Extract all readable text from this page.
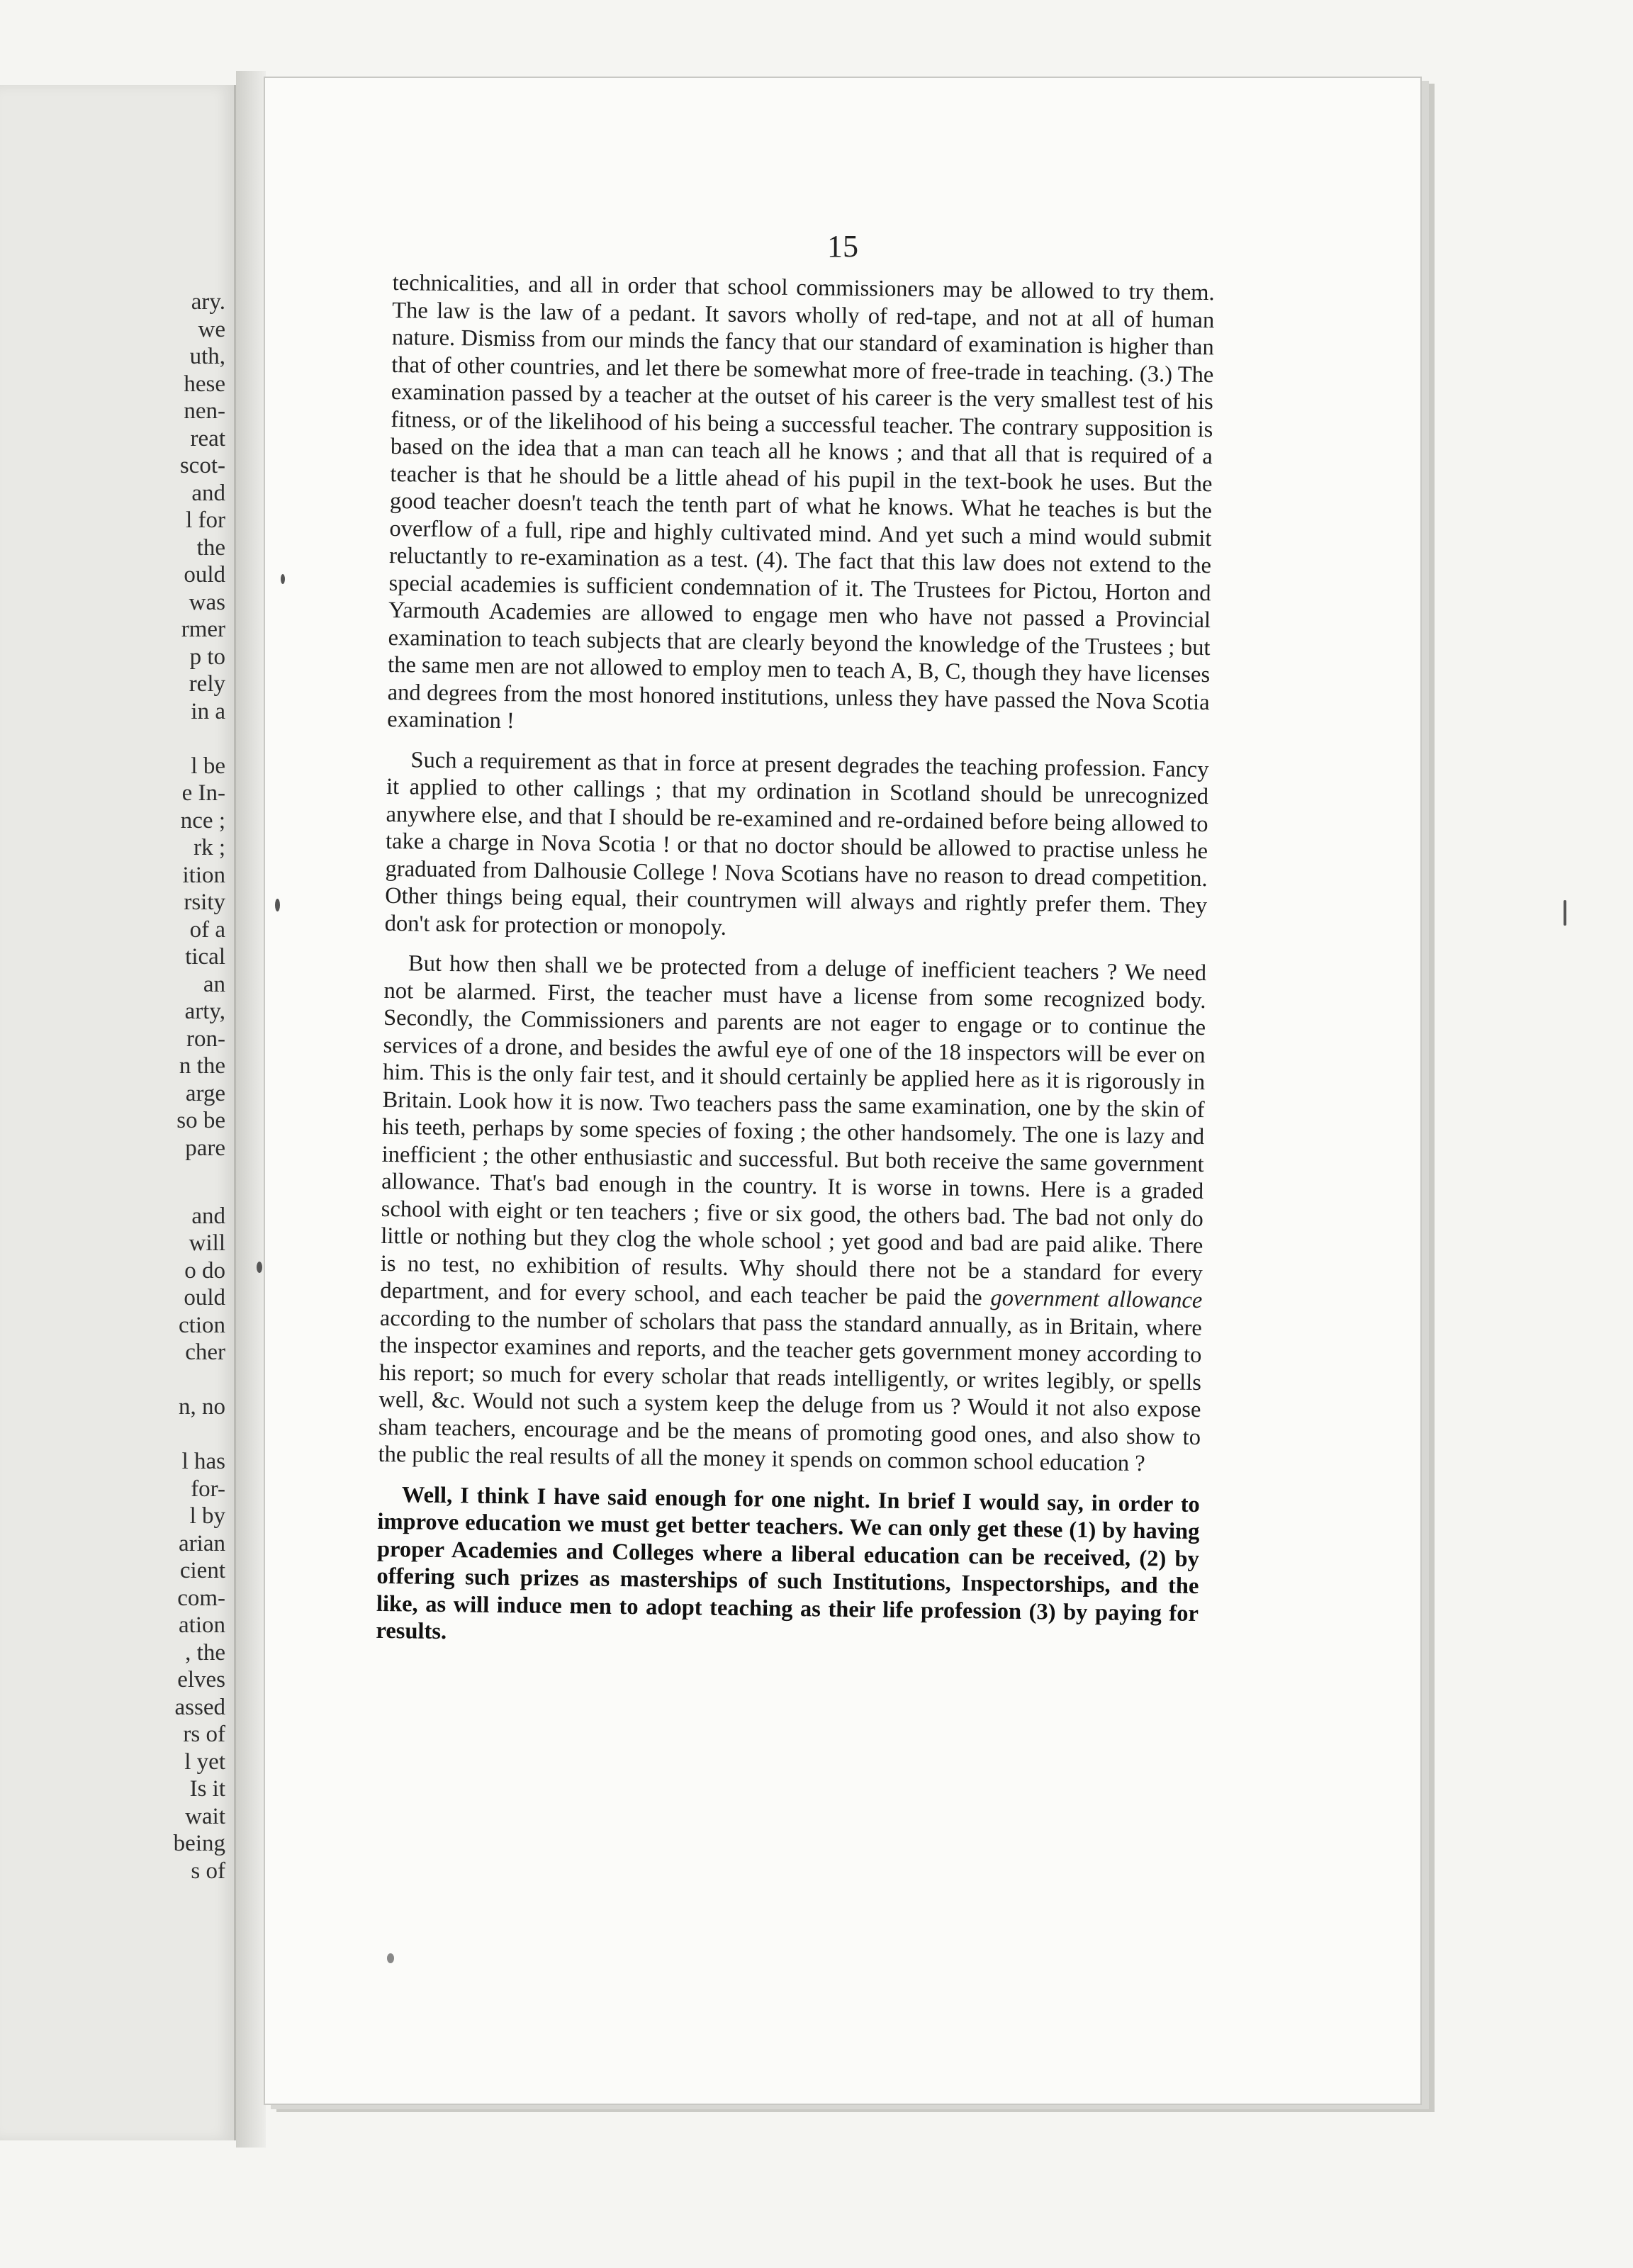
ary.
we
uth,
hese
nen-
reat
scot-
and
l for
the
ould
was
rmer
p to
rely
in a
l be
e In-
nce ;
rk ;
ition
rsity
of a
tical
an
arty,
ron-
n the
arge
so be
pare
and
will
o do
ould
ction
cher
n, no
l has
for-
l by
arian
cient
com-
ation
, the
elves
assed
rs of
l yet
Is it
wait
being
s of
15

technicalities, and all in order that school commissioners may be allowed to try them. The law is the law of a pedant. It savors wholly of red-tape, and not at all of human nature. Dismiss from our minds the fancy that our standard of examination is higher than that of other countries, and let there be somewhat more of free-trade in teaching. (3.) The examination passed by a teacher at the outset of his career is the very smallest test of his fitness, or of the likelihood of his being a successful teacher. The contrary supposition is based on the idea that a man can teach all he knows ; and that all that is required of a teacher is that he should be a little ahead of his pupil in the text-book he uses. But the good teacher doesn't teach the tenth part of what he knows. What he teaches is but the overflow of a full, ripe and highly cultivated mind. And yet such a mind would submit reluctantly to re-examination as a test. (4). The fact that this law does not extend to the special academies is sufficient condemnation of it. The Trustees for Pictou, Horton and Yarmouth Academies are allowed to engage men who have not passed a Provincial examination to teach subjects that are clearly beyond the knowledge of the Trustees ; but the same men are not allowed to employ men to teach A, B, C, though they have licenses and degrees from the most honored institutions, unless they have passed the Nova Scotia examination !

Such a requirement as that in force at present degrades the teaching profession. Fancy it applied to other callings ; that my ordination in Scotland should be unrecognized anywhere else, and that I should be re-examined and re-ordained before being allowed to take a charge in Nova Scotia ! or that no doctor should be allowed to practise unless he graduated from Dalhousie College ! Nova Scotians have no reason to dread competition. Other things being equal, their countrymen will always and rightly prefer them. They don't ask for protection or monopoly.

But how then shall we be protected from a deluge of inefficient teachers ? We need not be alarmed. First, the teacher must have a license from some recognized body. Secondly, the Commissioners and parents are not eager to engage or to continue the services of a drone, and besides the awful eye of one of the 18 inspectors will be ever on him. This is the only fair test, and it should certainly be applied here as it is rigorously in Britain. Look how it is now. Two teachers pass the same examination, one by the skin of his teeth, perhaps by some species of foxing ; the other handsomely. The one is lazy and inefficient ; the other enthusiastic and successful. But both receive the same government allowance. That's bad enough in the country. It is worse in towns. Here is a graded school with eight or ten teachers ; five or six good, the others bad. The bad not only do little or nothing but they clog the whole school ; yet good and bad are paid alike. There is no test, no exhibition of results. Why should there not be a standard for every department, and for every school, and each teacher be paid the government allowance according to the number of scholars that pass the standard annually, as in Britain, where the inspector examines and reports, and the teacher gets government money according to his report; so much for every scholar that reads intelligently, or writes legibly, or spells well, &c. Would not such a system keep the deluge from us ? Would it not also expose sham teachers, encourage and be the means of promoting good ones, and also show to the public the real results of all the money it spends on common school education ?

Well, I think I have said enough for one night. In brief I would say, in order to improve education we must get better teachers. We can only get these (1) by having proper Academies and Colleges where a liberal education can be received, (2) by offering such prizes as masterships of such Institutions, Inspectorships, and the like, as will induce men to adopt teaching as their life profession (3) by paying for results.
